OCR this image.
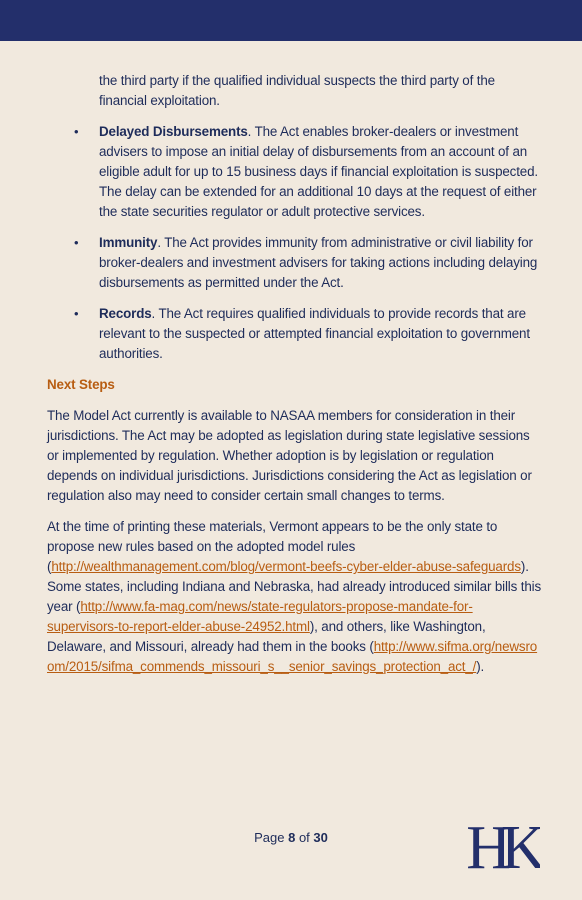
the third party if the qualified individual suspects the third party of the financial exploitation.

• Delayed Disbursements. The Act enables broker-dealers or investment advisers to impose an initial delay of disbursements from an account of an eligible adult for up to 15 business days if financial exploitation is suspected. The delay can be extended for an additional 10 days at the request of either the state securities regulator or adult protective services.
• Immunity. The Act provides immunity from administrative or civil liability for broker-dealers and investment advisers for taking actions including delaying disbursements as permitted under the Act.
• Records. The Act requires qualified individuals to provide records that are relevant to the suspected or attempted financial exploitation to government authorities.
Next Steps

The Model Act currently is available to NASAA members for consideration in their jurisdictions. The Act may be adopted as legislation during state legislative sessions or implemented by regulation. Whether adoption is by legislation or regulation depends on individual jurisdictions. Jurisdictions considering the Act as legislation or regulation also may need to consider certain small changes to terms.

At the time of printing these materials, Vermont appears to be the only state to propose new rules based on the adopted model rules (http://wealthmanagement.com/blog/vermont-beefs-cyber-elder-abuse-safeguards). Some states, including Indiana and Nebraska, had already introduced similar bills this year (http://www.fa-mag.com/news/state-regulators-propose-mandate-for-supervisors-to-report-elder-abuse-24952.html), and others, like Washington, Delaware, and Missouri, already had them in the books (http://www.sifma.org/newsroom/2015/sifma_commends_missouri_s__senior_savings_protection_act_/).

Page 8 of 30	HK
